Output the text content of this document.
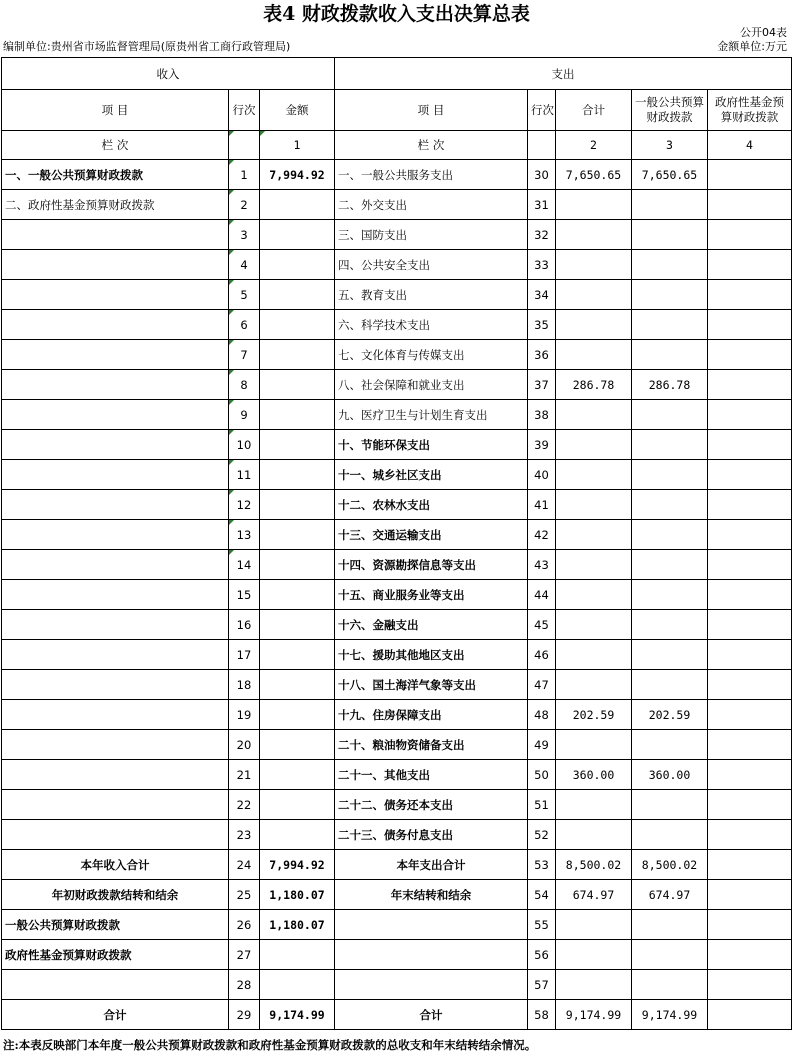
表4 财政拨款收入支出决算总表
公开04表
编制单位:贵州省市场监督管理局(原贵州省工商行政管理局)	金额单位:万元
收入			支出				
项 目	行次	金额	项 目	行次	合计	一般公共预算财政拨款	政府性基金预算财政拨款
栏 次		1	栏 次		2	3	4
一、一般公共预算财政拨款	1	7,994.92	一、一般公共服务支出	30	7,650.65	7,650.65	
二、政府性基金预算财政拨款	2		二、外交支出	31			
	3		三、国防支出	32			
	4		四、公共安全支出	33			
	5		五、教育支出	34			
	6		六、科学技术支出	35			
	7		七、文化体育与传媒支出	36			
	8		八、社会保障和就业支出	37	286.78	286.78	
	9		九、医疗卫生与计划生育支出	38			
	10		十、节能环保支出	39			
	11		十一、城乡社区支出	40			
	12		十二、农林水支出	41			
	13		十三、交通运输支出	42			
	14		十四、资源勘探信息等支出	43			
	15		十五、商业服务业等支出	44			
	16		十六、金融支出	45			
	17		十七、援助其他地区支出	46			
	18		十八、国土海洋气象等支出	47			
	19		十九、住房保障支出	48	202.59	202.59	
	20		二十、粮油物资储备支出	49			
	21		二十一、其他支出	50	360.00	360.00	
	22		二十二、债务还本支出	51			
	23		二十三、债务付息支出	52			
本年收入合计	24	7,994.92	本年支出合计	53	8,500.02	8,500.02	
年初财政拨款结转和结余	25	1,180.07	年末结转和结余	54	674.97	674.97	
一般公共预算财政拨款	26	1,180.07		55			
政府性基金预算财政拨款	27			56			
	28			57			
合计	29	9,174.99	合计	58	9,174.99	9,174.99	
注:本表反映部门本年度一般公共预算财政拨款和政府性基金预算财政拨款的总收支和年末结转结余情况。
